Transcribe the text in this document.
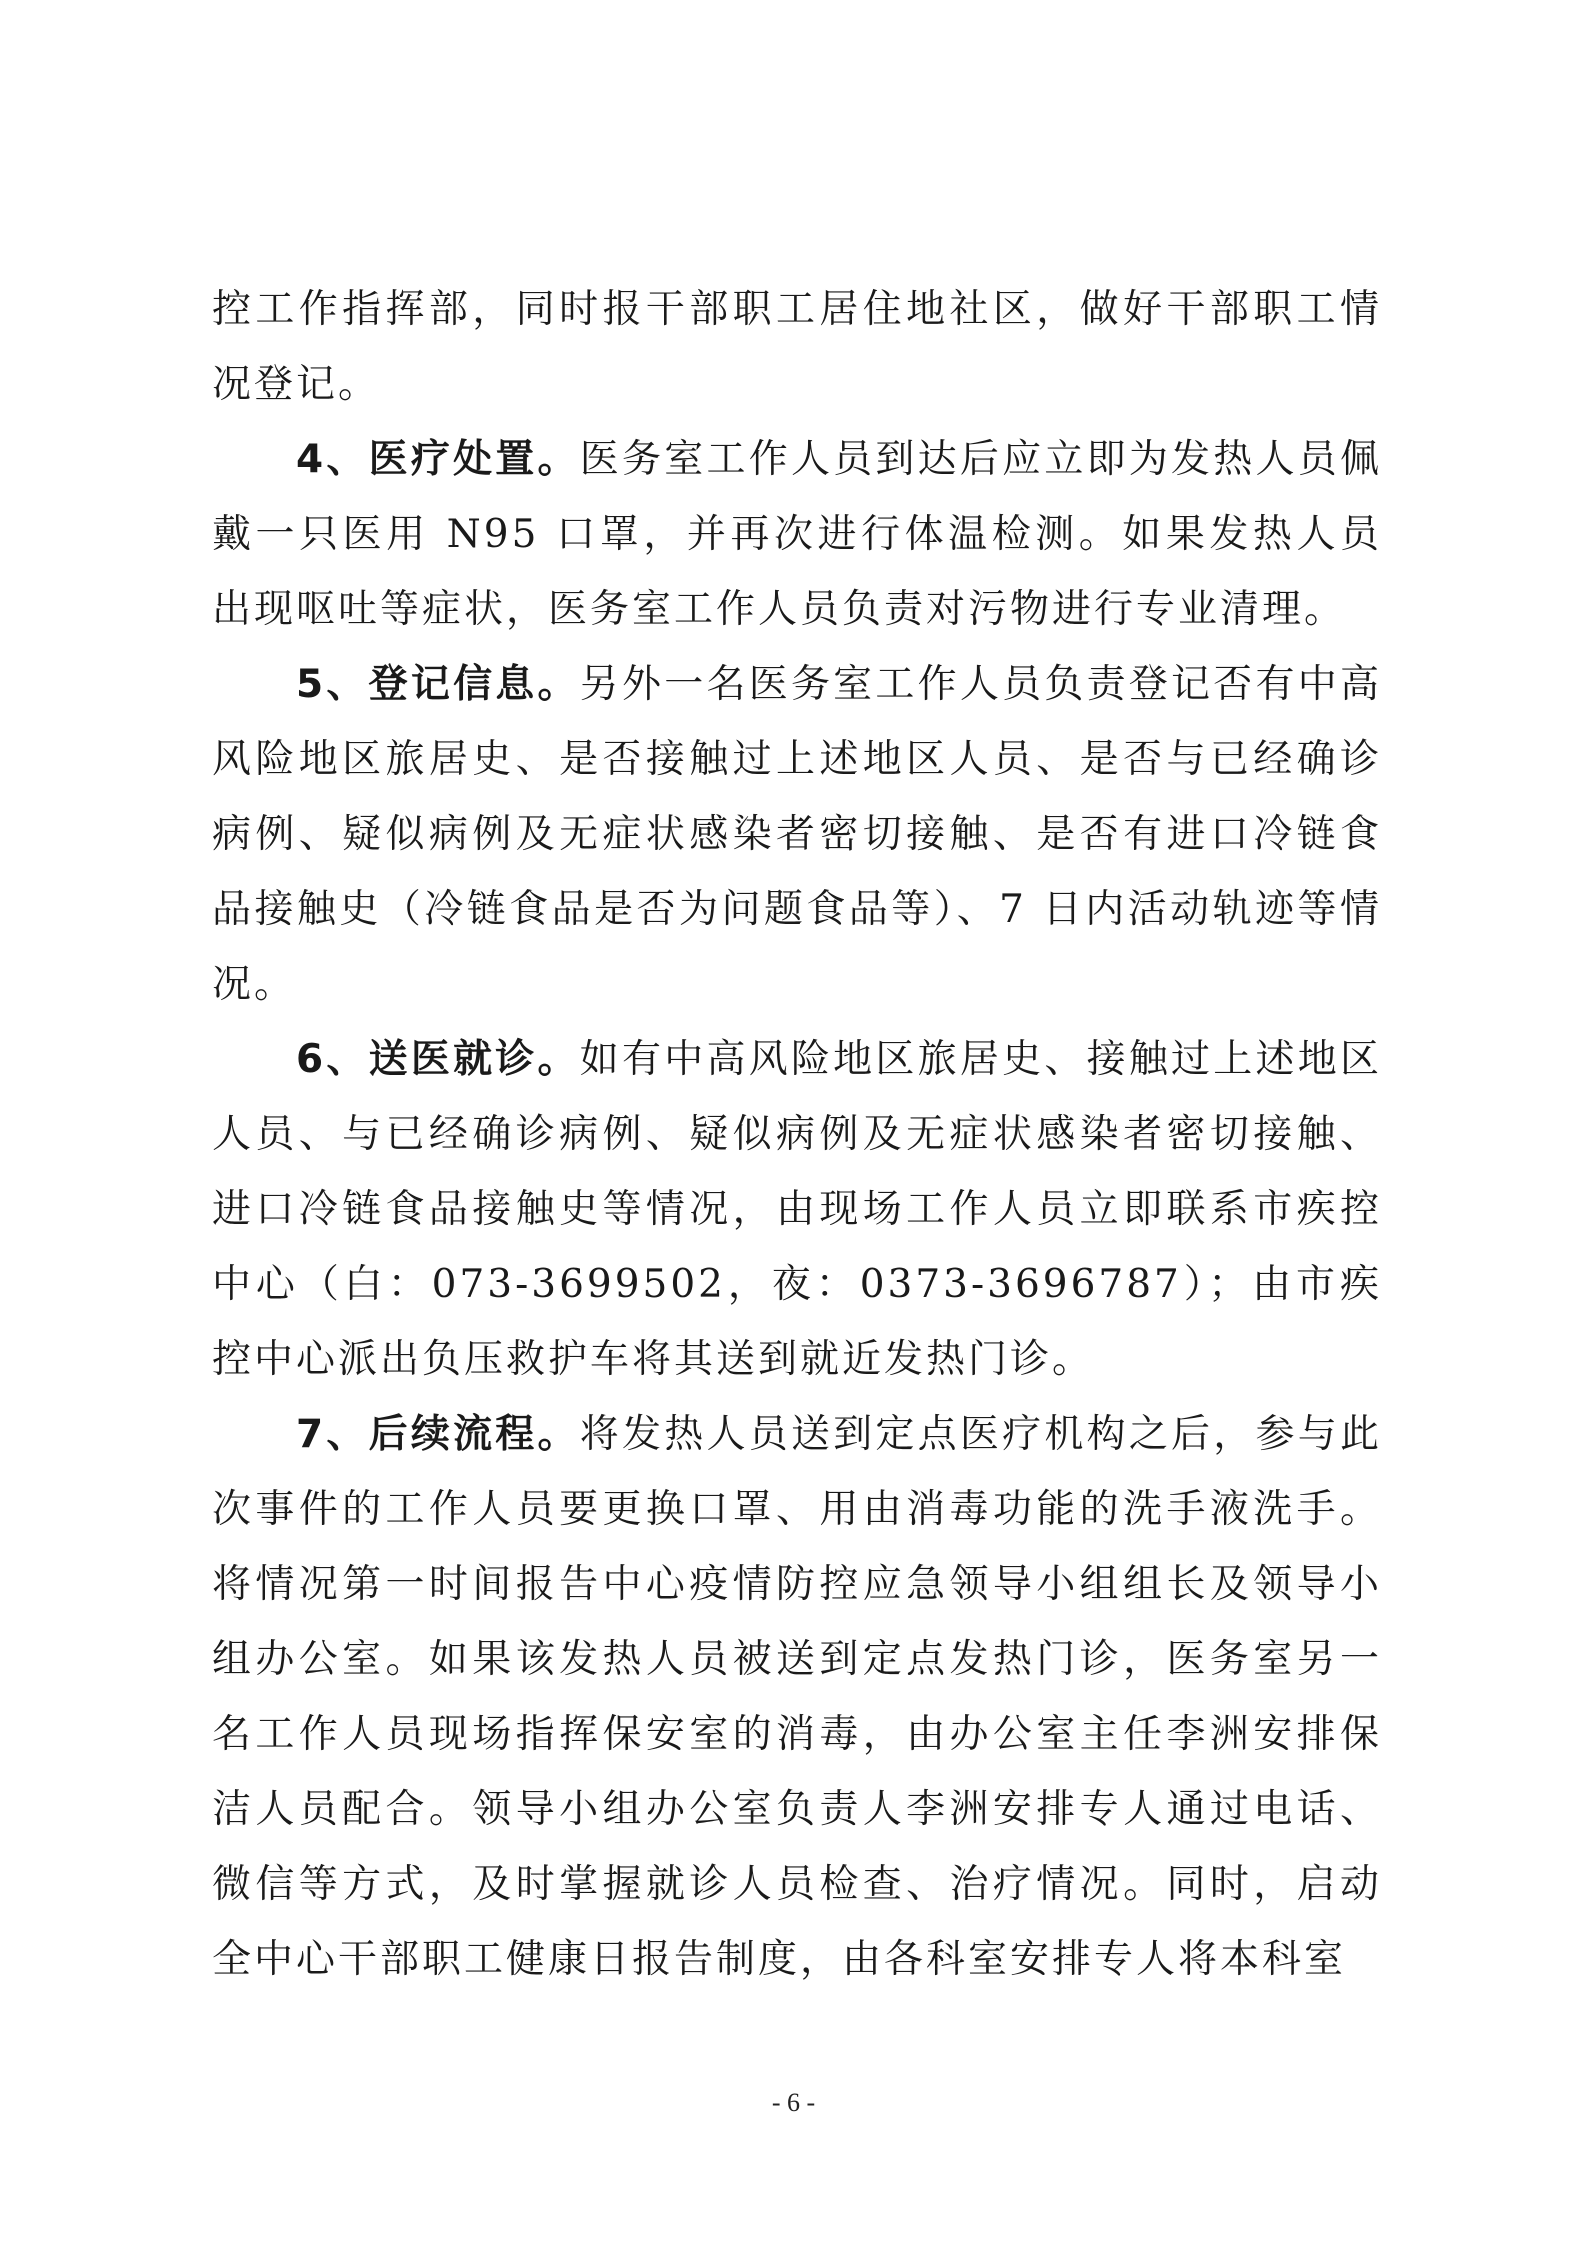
控工作指挥部，同时报干部职工居住地社区，做好干部职工情况登记。

4、医疗处置。医务室工作人员到达后应立即为发热人员佩戴一只医用 N95 口罩，并再次进行体温检测。如果发热人员出现呕吐等症状，医务室工作人员负责对污物进行专业清理。

5、登记信息。另外一名医务室工作人员负责登记否有中高风险地区旅居史、是否接触过上述地区人员、是否与已经确诊病例、疑似病例及无症状感染者密切接触、是否有进口冷链食品接触史（冷链食品是否为问题食品等）、7 日内活动轨迹等情况。

6、送医就诊。如有中高风险地区旅居史、接触过上述地区人员、与已经确诊病例、疑似病例及无症状感染者密切接触、进口冷链食品接触史等情况，由现场工作人员立即联系市疾控中心（白：073-3699502，夜：0373-3696787）；由市疾控中心派出负压救护车将其送到就近发热门诊。

7、后续流程。将发热人员送到定点医疗机构之后，参与此次事件的工作人员要更换口罩、用由消毒功能的洗手液洗手。将情况第一时间报告中心疫情防控应急领导小组组长及领导小组办公室。如果该发热人员被送到定点发热门诊，医务室另一名工作人员现场指挥保安室的消毒，由办公室主任李洲安排保洁人员配合。领导小组办公室负责人李洲安排专人通过电话、微信等方式，及时掌握就诊人员检查、治疗情况。同时，启动全中心干部职工健康日报告制度，由各科室安排专人将本科室

- 6 -
